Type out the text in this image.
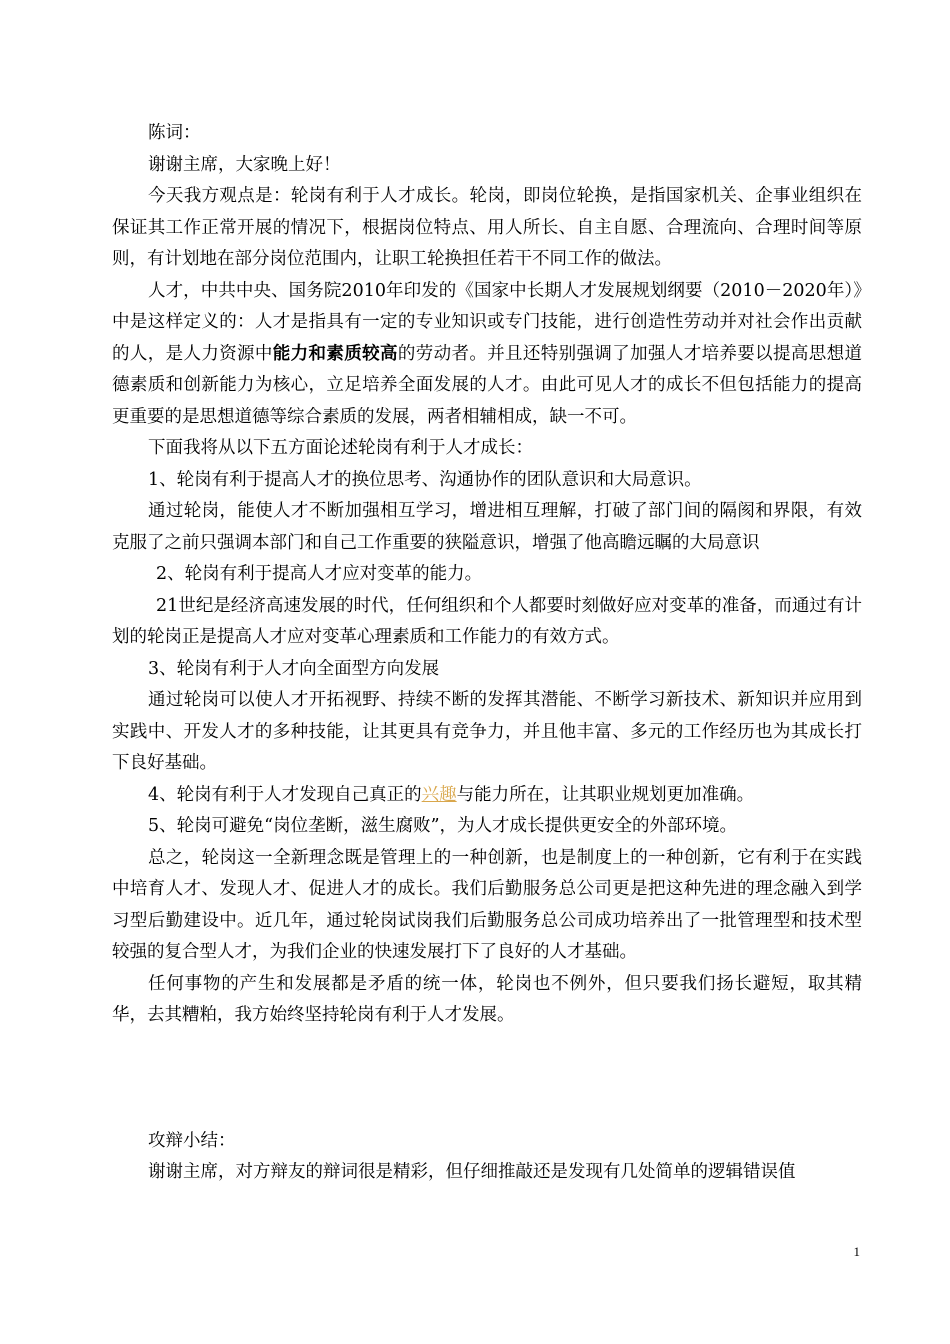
陈词：

谢谢主席，大家晚上好！

今天我方观点是：轮岗有利于人才成长。轮岗，即岗位轮换，是指国家机关、企事业组织在保证其工作正常开展的情况下，根据岗位特点、用人所长、自主自愿、合理流向、合理时间等原则，有计划地在部分岗位范围内，让职工轮换担任若干不同工作的做法。

人才，中共中央、国务院2010年印发的《国家中长期人才发展规划纲要（2010－2020年）》中是这样定义的：人才是指具有一定的专业知识或专门技能，进行创造性劳动并对社会作出贡献的人，是人力资源中能力和素质较高的劳动者。并且还特别强调了加强人才培养要以提高思想道德素质和创新能力为核心，立足培养全面发展的人才。由此可见人才的成长不但包括能力的提高更重要的是思想道德等综合素质的发展，两者相辅相成，缺一不可。

下面我将从以下五方面论述轮岗有利于人才成长：

1、轮岗有利于提高人才的换位思考、沟通协作的团队意识和大局意识。

通过轮岗，能使人才不断加强相互学习，增进相互理解，打破了部门间的隔阂和界限，有效克服了之前只强调本部门和自己工作重要的狭隘意识，增强了他高瞻远瞩的大局意识

2、轮岗有利于提高人才应对变革的能力。

21世纪是经济高速发展的时代，任何组织和个人都要时刻做好应对变革的准备，而通过有计划的轮岗正是提高人才应对变革心理素质和工作能力的有效方式。

3、轮岗有利于人才向全面型方向发展

通过轮岗可以使人才开拓视野、持续不断的发挥其潜能、不断学习新技术、新知识并应用到实践中、开发人才的多种技能，让其更具有竞争力，并且他丰富、多元的工作经历也为其成长打下良好基础。

4、轮岗有利于人才发现自己真正的兴趣与能力所在，让其职业规划更加准确。

5、轮岗可避免“岗位垄断，滋生腐败”，为人才成长提供更安全的外部环境。

总之，轮岗这一全新理念既是管理上的一种创新，也是制度上的一种创新，它有利于在实践中培育人才、发现人才、促进人才的成长。我们后勤服务总公司更是把这种先进的理念融入到学习型后勤建设中。近几年，通过轮岗试岗我们后勤服务总公司成功培养出了一批管理型和技术型较强的复合型人才，为我们企业的快速发展打下了良好的人才基础。

任何事物的产生和发展都是矛盾的统一体，轮岗也不例外，但只要我们扬长避短，取其精华，去其糟粕，我方始终坚持轮岗有利于人才发展。

攻辩小结：

谢谢主席，对方辩友的辩词很是精彩，但仔细推敲还是发现有几处简单的逻辑错误值

1
